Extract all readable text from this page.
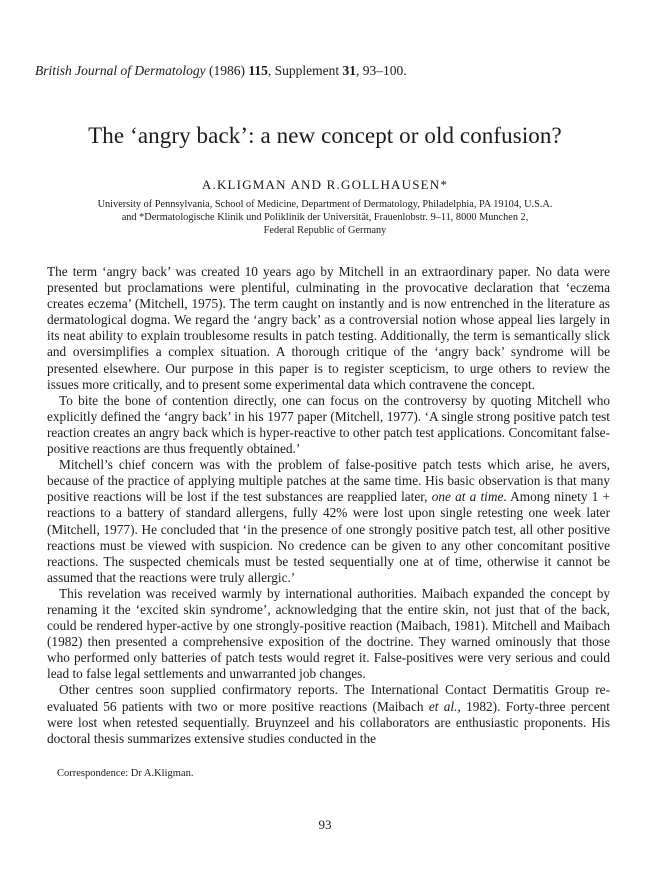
British Journal of Dermatology (1986) 115, Supplement 31, 93–100.
The ‘angry back’: a new concept or old confusion?
A.KLIGMAN AND R.GOLLHAUSEN*
University of Pennsylvania, School of Medicine, Department of Dermatology, Philadelphia, PA 19104, U.S.A.
and *Dermatologische Klinik und Poliklinik der Universität, Frauenlobstr. 9–11, 8000 Munchen 2,
Federal Republic of Germany

The term ‘angry back’ was created 10 years ago by Mitchell in an extraordinary paper. No data were presented but proclamations were plentiful, culminating in the provocative declaration that ‘eczema creates eczema’ (Mitchell, 1975). The term caught on instantly and is now entrenched in the literature as dermatological dogma. We regard the ‘angry back’ as a controversial notion whose appeal lies largely in its neat ability to explain troublesome results in patch testing. Additionally, the term is semantically slick and oversimplifies a complex situation. A thorough critique of the ‘angry back’ syndrome will be presented elsewhere. Our purpose in this paper is to register scepticism, to urge others to review the issues more critically, and to present some experimental data which contravene the concept.

To bite the bone of contention directly, one can focus on the controversy by quoting Mitchell who explicitly defined the ‘angry back’ in his 1977 paper (Mitchell, 1977). ‘A single strong positive patch test reaction creates an angry back which is hyper-reactive to other patch test applications. Concomitant false-positive reactions are thus frequently obtained.’

Mitchell’s chief concern was with the problem of false-positive patch tests which arise, he avers, because of the practice of applying multiple patches at the same time. His basic observation is that many positive reactions will be lost if the test substances are reapplied later, one at a time. Among ninety 1 + reactions to a battery of standard allergens, fully 42% were lost upon single retesting one week later (Mitchell, 1977). He concluded that ‘in the presence of one strongly positive patch test, all other positive reactions must be viewed with suspicion. No credence can be given to any other concomitant positive reactions. The suspected chemicals must be tested sequentially one at of time, otherwise it cannot be assumed that the reactions were truly allergic.’

This revelation was received warmly by international authorities. Maibach expanded the concept by renaming it the ‘excited skin syndrome’, acknowledging that the entire skin, not just that of the back, could be rendered hyper-active by one strongly-positive reaction (Maibach, 1981). Mitchell and Maibach (1982) then presented a comprehensive exposition of the doctrine. They warned ominously that those who performed only batteries of patch tests would regret it. False-positives were very serious and could lead to false legal settlements and unwarranted job changes.

Other centres soon supplied confirmatory reports. The International Contact Dermatitis Group re-evaluated 56 patients with two or more positive reactions (Maibach et al., 1982). Forty-three percent were lost when retested sequentially. Bruynzeel and his collaborators are enthusiastic proponents. His doctoral thesis summarizes extensive studies conducted in the

Correspondence: Dr A.Kligman.
93
